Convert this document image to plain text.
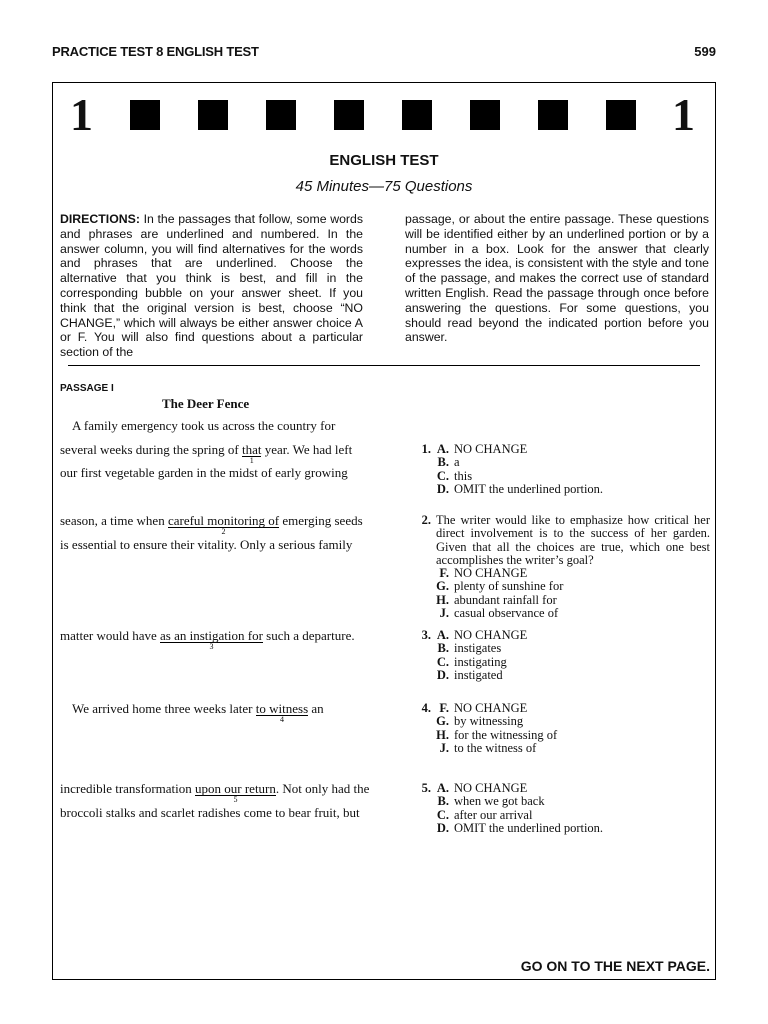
PRACTICE TEST 8 ENGLISH TEST	599
1	1
ENGLISH TEST
45 Minutes—75 Questions
DIRECTIONS: In the passages that follow, some words and phrases are underlined and numbered. In the answer column, you will find alternatives for the words and phrases that are underlined. Choose the alternative that you think is best, and fill in the corresponding bubble on your answer sheet. If you think that the original version is best, choose “NO CHANGE,” which will always be either answer choice A or F. You will also find questions about a particular section of the
passage, or about the entire passage. These questions will be identified either by an underlined portion or by a number in a box. Look for the answer that clearly expresses the idea, is consistent with the style and tone of the passage, and makes the correct use of standard written English. Read the passage through once before answering the questions. For some questions, you should read beyond the indicated portion before you answer.
PASSAGE I
The Deer Fence
A family emergency took us across the country for
several weeks during the spring of that
1
year. We had left
our first vegetable garden in the midst of early growing
season, a time when careful monitoring of
2
emerging seeds
is essential to ensure their vitality. Only a serious family
matter would have as an instigation for
3
such a departure.
We arrived home three weeks later to witness
4
an
incredible transformation upon our return
5
. Not only had the
broccoli stalks and scarlet radishes come to bear fruit, but
1. A. NO CHANGE
B. a
C. this
D. OMIT the underlined portion.
2. The writer would like to emphasize how critical her direct involvement is to the success of her garden. Given that all the choices are true, which one best accomplishes the writer’s goal?
F. NO CHANGE
G. plenty of sunshine for
H. abundant rainfall for
J. casual observance of
3. A. NO CHANGE
B. instigates
C. instigating
D. instigated
4. F. NO CHANGE
G. by witnessing
H. for the witnessing of
J. to the witness of
5. A. NO CHANGE
B. when we got back
C. after our arrival
D. OMIT the underlined portion.
GO ON TO THE NEXT PAGE.
